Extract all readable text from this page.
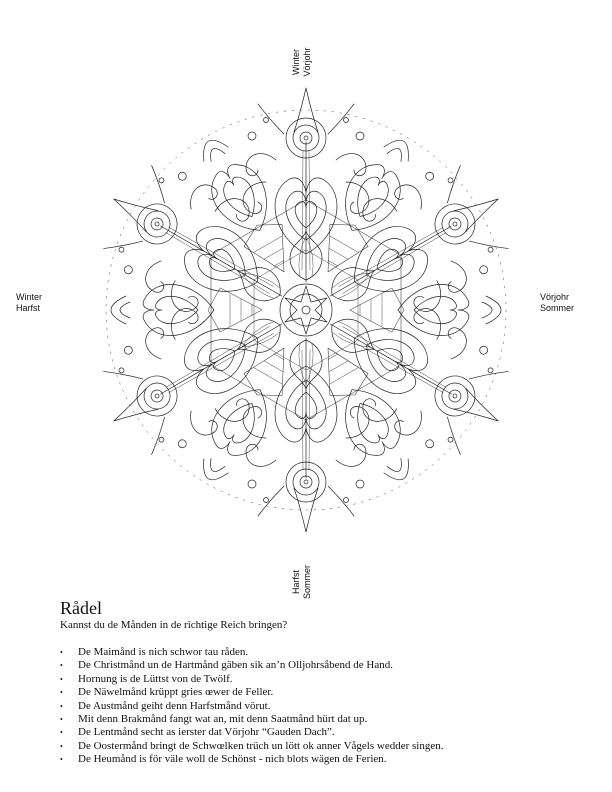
Winter Vörjohr
Winter
Harfst
Vörjohr
Sommer
Harfst Sommer
Rådel

Kannst du de Månden in de richtige Reich bringen?

• De Maimånd is nich schwor tau råden.
• De Christmånd un de Hartmånd gäben sik an’n Olljohrsåbend de Hand.
• Hornung is de Lüttst von de Twölf.
• De Näwelmånd krüppt gries œwer de Feller.
• De Austmånd geiht denn Harfstmånd vörut.
• Mit denn Brakmånd fangt wat an, mit denn Saatmånd hürt dat up.
• De Lentmånd secht as ierster dat Vörjohr “Gauden Dach”.
• De Oostermånd bringt de Schwœlken trüch un lött ok anner Vågels wedder singen.
• De Heumånd is för väle woll de Schönst - nich blots wägen de Ferien.
